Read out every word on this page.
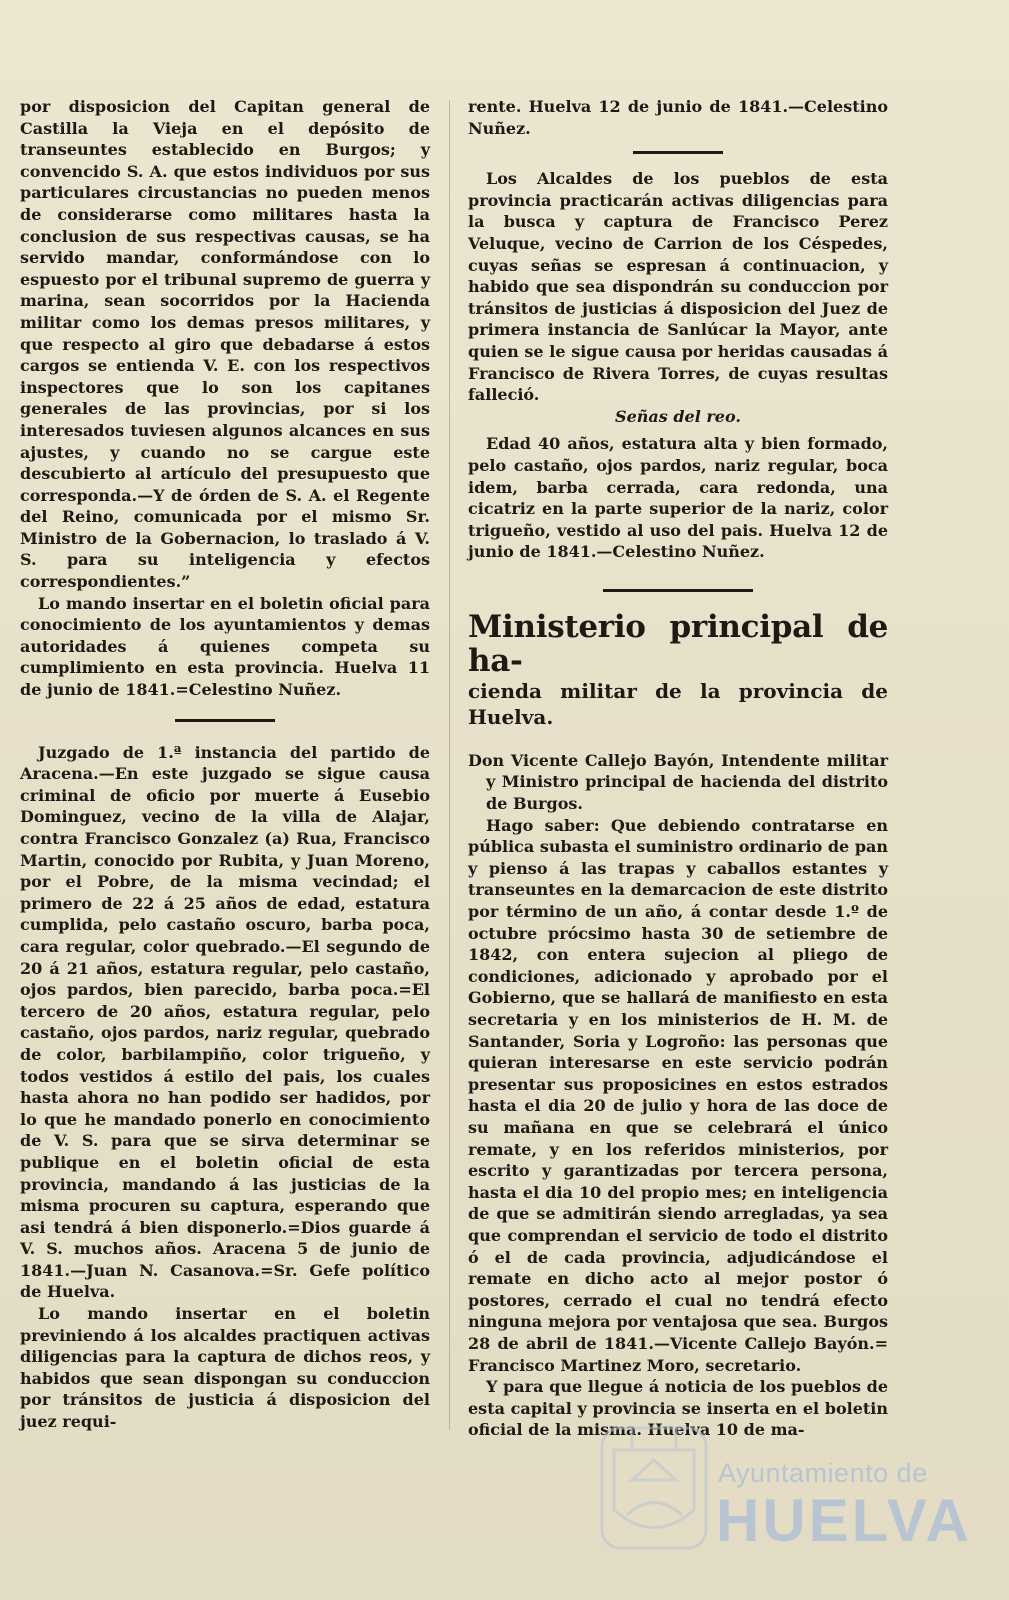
por disposicion del Capitan general de Castilla la Vieja en el depósito de transeuntes establecido en Burgos; y convencido S. A. que estos individuos por sus particulares circustancias no pueden menos de considerarse como militares hasta la conclusion de sus respectivas causas, se ha servido mandar, conformándose con lo espuesto por el tribunal supremo de guerra y marina, sean socorridos por la Hacienda militar como los demas presos militares, y que respecto al giro que debadarse á estos cargos se entienda V. E. con los respectivos inspectores que lo son los capitanes generales de las provincias, por si los interesados tuviesen algunos alcances en sus ajustes, y cuando no se cargue este descubierto al artículo del presupuesto que corresponda.—Y de órden de S. A. el Regente del Reino, comunicada por el mismo Sr. Ministro de la Gobernacion, lo traslado á V. S. para su inteligencia y efectos correspondientes.”

Lo mando insertar en el boletin oficial para conocimiento de los ayuntamientos y demas autoridades á quienes competa su cumplimiento en esta provincia. Huelva 11 de junio de 1841.=Celestino Nuñez.

Juzgado de 1.ª instancia del partido de Aracena.—En este juzgado se sigue causa criminal de oficio por muerte á Eusebio Dominguez, vecino de la villa de Alajar, contra Francisco Gonzalez (a) Rua, Francisco Martin, conocido por Rubita, y Juan Moreno, por el Pobre, de la misma vecindad; el primero de 22 á 25 años de edad, estatura cumplida, pelo castaño oscuro, barba poca, cara regular, color quebrado.—El segundo de 20 á 21 años, estatura regular, pelo castaño, ojos pardos, bien parecido, barba poca.=El tercero de 20 años, estatura regular, pelo castaño, ojos pardos, nariz regular, quebrado de color, barbilampiño, color trigueño, y todos vestidos á estilo del pais, los cuales hasta ahora no han podido ser hadidos, por lo que he mandado ponerlo en conocimiento de V. S. para que se sirva determinar se publique en el boletin oficial de esta provincia, mandando á las justicias de la misma procuren su captura, esperando que asi tendrá á bien disponerlo.=Dios guarde á V. S. muchos años. Aracena 5 de junio de 1841.—Juan N. Casanova.=Sr. Gefe político de Huelva.

Lo mando insertar en el boletin previniendo á los alcaldes practiquen activas diligencias para la captura de dichos reos, y habidos que sean dispongan su conduccion por tránsitos de justicia á disposicion del juez requi-

rente. Huelva 12 de junio de 1841.—Celestino Nuñez.

Los Alcaldes de los pueblos de esta provincia practicarán activas diligencias para la busca y captura de Francisco Perez Veluque, vecino de Carrion de los Céspedes, cuyas señas se espresan á continuacion, y habido que sea dispondrán su conduccion por tránsitos de justicias á disposicion del Juez de primera instancia de Sanlúcar la Mayor, ante quien se le sigue causa por heridas causadas á Francisco de Rivera Torres, de cuyas resultas falleció.

Señas del reo.

Edad 40 años, estatura alta y bien formado, pelo castaño, ojos pardos, nariz regular, boca idem, barba cerrada, cara redonda, una cicatriz en la parte superior de la nariz, color trigueño, vestido al uso del pais. Huelva 12 de junio de 1841.—Celestino Nuñez.

Ministerio principal de ha-

cienda militar de la provincia de Huelva.

Don Vicente Callejo Bayón, Intendente militar y Ministro principal de hacienda del distrito de Burgos.

Hago saber: Que debiendo contratarse en pública subasta el suministro ordinario de pan y pienso á las trapas y caballos estantes y transeuntes en la demarcacion de este distrito por término de un año, á contar desde 1.º de octubre prócsimo hasta 30 de setiembre de 1842, con entera sujecion al pliego de condiciones, adicionado y aprobado por el Gobierno, que se hallará de manifiesto en esta secretaria y en los ministerios de H. M. de Santander, Soria y Logroño: las personas que quieran interesarse en este servicio podrán presentar sus proposicines en estos estrados hasta el dia 20 de julio y hora de las doce de su mañana en que se celebrará el único remate, y en los referidos ministerios, por escrito y garantizadas por tercera persona, hasta el dia 10 del propio mes; en inteligencia de que se admitirán siendo arregladas, ya sea que comprendan el servicio de todo el distrito ó el de cada provincia, adjudicándose el remate en dicho acto al mejor postor ó postores, cerrado el cual no tendrá efecto ninguna mejora por ventajosa que sea. Burgos 28 de abril de 1841.—Vicente Callejo Bayón.= Francisco Martinez Moro, secretario.

Y para que llegue á noticia de los pueblos de esta capital y provincia se inserta en el boletin oficial de la misma. Huelva 10 de ma-

Ayuntamiento de
HUELVA
